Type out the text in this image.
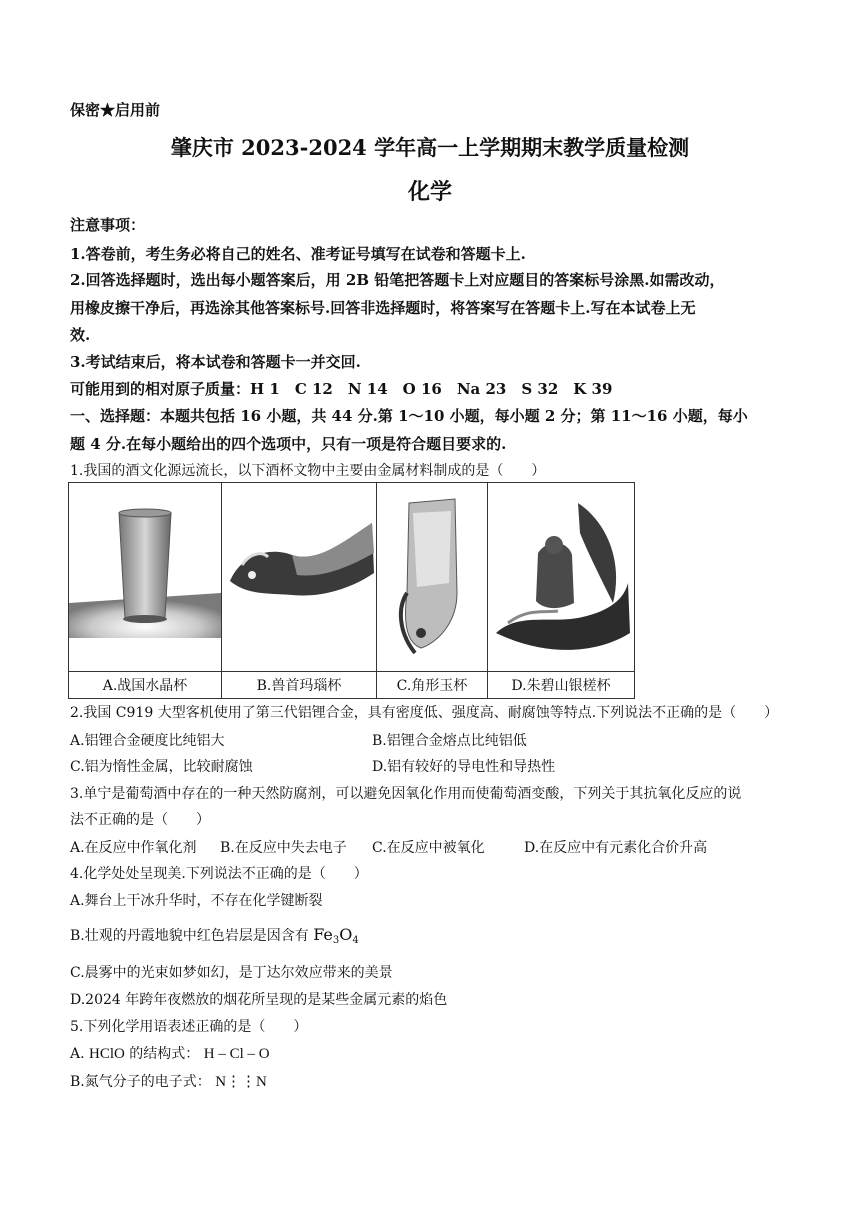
保密★启用前
肇庆市 2023-2024 学年高一上学期期末教学质量检测
化学
注意事项：
1.答卷前，考生务必将自己的姓名、准考证号填写在试卷和答题卡上.
2.回答选择题时，选出每小题答案后，用 2B 铅笔把答题卡上对应题目的答案标号涂黑.如需改动，
用橡皮擦干净后，再选涂其他答案标号.回答非选择题时，将答案写在答题卡上.写在本试卷上无
效.
3.考试结束后，将本试卷和答题卡一并交回.
可能用到的相对原子质量：H 1　C 12　N 14　O 16　Na 23　S 32　K 39
一、选择题：本题共包括 16 小题，共 44 分.第 1～10 小题，每小题 2 分；第 11～16 小题，每小
题 4 分.在每小题给出的四个选项中，只有一项是符合题目要求的.
1.我国的酒文化源远流长，以下酒杯文物中主要由金属材料制成的是（　　）

A.战国水晶杯	B.兽首玛瑙杯	C.角形玉杯	D.朱碧山银槎杯
2.我国 C919 大型客机使用了第三代铝锂合金，具有密度低、强度高、耐腐蚀等特点.下列说法不正确的是（　　）
A.铝锂合金硬度比纯铝大	B.铝锂合金熔点比纯铝低
C.铝为惰性金属，比较耐腐蚀	D.铝有较好的导电性和导热性
3.单宁是葡萄酒中存在的一种天然防腐剂，可以避免因氧化作用而使葡萄酒变酸，下列关于其抗氧化反应的说
法不正确的是（　　）
A.在反应中作氧化剂 B.在反应中失去电子 C.在反应中被氧化	D.在反应中有元素化合价升高
4.化学处处呈现美.下列说法不正确的是（　　）
A.舞台上干冰升华时，不存在化学键断裂
B.壮观的丹霞地貌中红色岩层是因含有 $Fe_3O_4$
C.晨雾中的光束如梦如幻，是丁达尔效应带来的美景
D.2024 年跨年夜燃放的烟花所呈现的是某些金属元素的焰色
5.下列化学用语表述正确的是（　　）
A. HClO 的结构式： H – Cl – O
B.氮气分子的电子式： N⋮⋮N
